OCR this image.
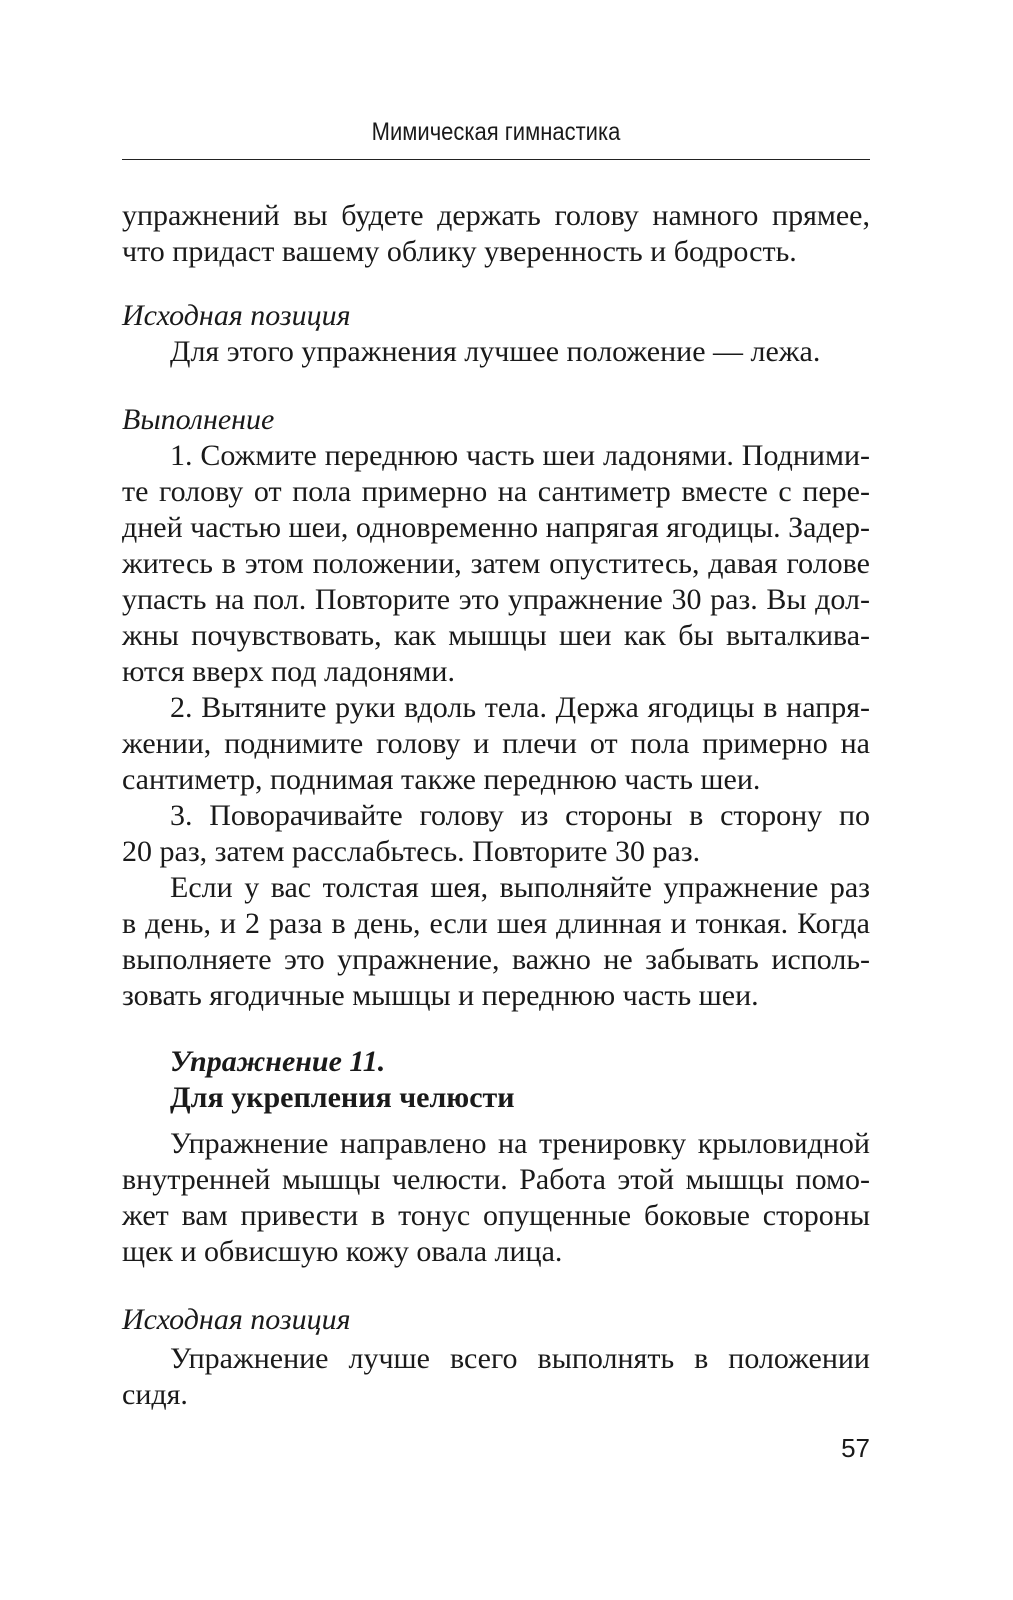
Мимическая гимнастика
упражнений вы будете держать голову намного прямее,
что придаст вашему облику уверенность и бодрость.
Исходная позиция
Для этого упражнения лучшее положение — лежа.
Выполнение
1. Сожмите переднюю часть шеи ладонями. Подними-
те голову от пола примерно на сантиметр вместе с пере-
дней частью шеи, одновременно напрягая ягодицы. Задер-
житесь в этом положении, затем опуститесь, давая голове
упасть на пол. Повторите это упражнение 30 раз. Вы дол-
жны почувствовать, как мышцы шеи как бы выталкива-
ются вверх под ладонями.
2. Вытяните руки вдоль тела. Держа ягодицы в напря-
жении, поднимите голову и плечи от пола примерно на
сантиметр, поднимая также переднюю часть шеи.
3. Поворачивайте голову из стороны в сторону по
20 раз, затем расслабьтесь. Повторите 30 раз.
Если у вас толстая шея, выполняйте упражнение раз
в день, и 2 раза в день, если шея длинная и тонкая. Когда
выполняете это упражнение, важно не забывать исполь-
зовать ягодичные мышцы и переднюю часть шеи.
Упражнение 11.
Для укрепления челюсти
Упражнение направлено на тренировку крыловидной
внутренней мышцы челюсти. Работа этой мышцы помо-
жет вам привести в тонус опущенные боковые стороны
щек и обвисшую кожу овала лица.
Исходная позиция
Упражнение лучше всего выполнять в положении
сидя.
57
